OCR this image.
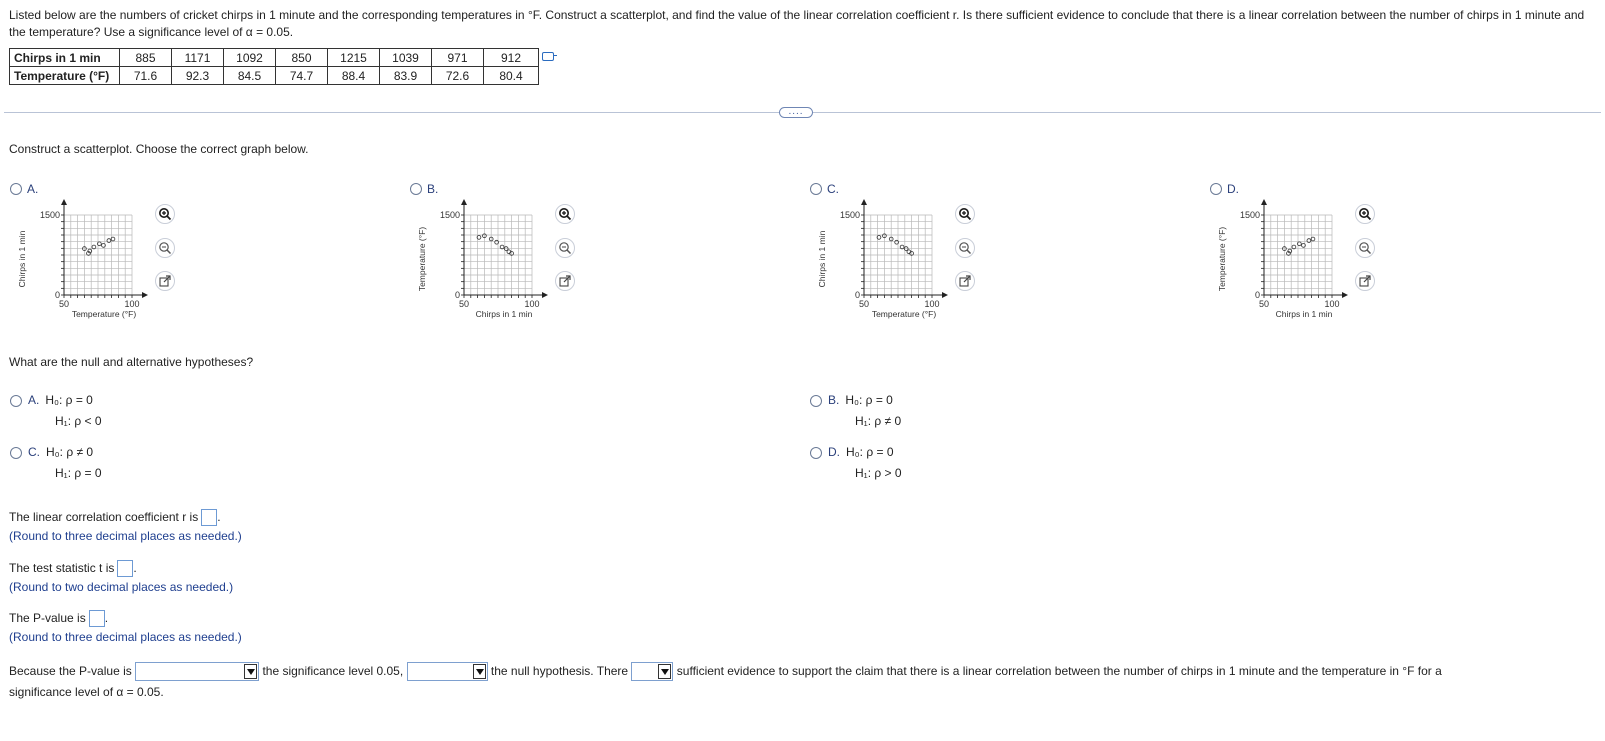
Listed below are the numbers of cricket chirps in 1 minute and the corresponding temperatures in °F. Construct a scatterplot, and find the value of the linear correlation coefficient r. Is there sufficient evidence to conclude that there is a linear correlation between the number of chirps in 1 minute and the temperature? Use a significance level of α = 0.05.
Chirps in 1 min	885	1171	1092	850	1215	1039	971	912
Temperature (°F)	71.6	92.3	84.5	74.7	88.4	83.9	72.6	80.4
....
Construct a scatterplot. Choose the correct graph below.
A.	B.	C.	D.
1500
0
50	100
Temperature (°F)
Chirps in 1 min
1500
0
50	100
Chirps in 1 min
Temperature (°F)
1500
0
50	100
Temperature (°F)
Chirps in 1 min
1500
0
50	100
Chirps in 1 min
Temperature (°F)
What are the null and alternative hypotheses?
A. H₀: ρ = 0
H₁: ρ < 0
B. H₀: ρ = 0
H₁: ρ ≠ 0
C. H₀: ρ ≠ 0
H₁: ρ = 0
D. H₀: ρ = 0
H₁: ρ > 0
The linear correlation coefficient r is .
(Round to three decimal places as needed.)
The test statistic t is .
(Round to two decimal places as needed.)
The P-value is .
(Round to three decimal places as needed.)
Because the P-value is	the significance level 0.05,	the null hypothesis. There	sufficient evidence to support the claim that there is a linear correlation between the number of chirps in 1 minute and the temperature in °F for a
significance level of α = 0.05.
